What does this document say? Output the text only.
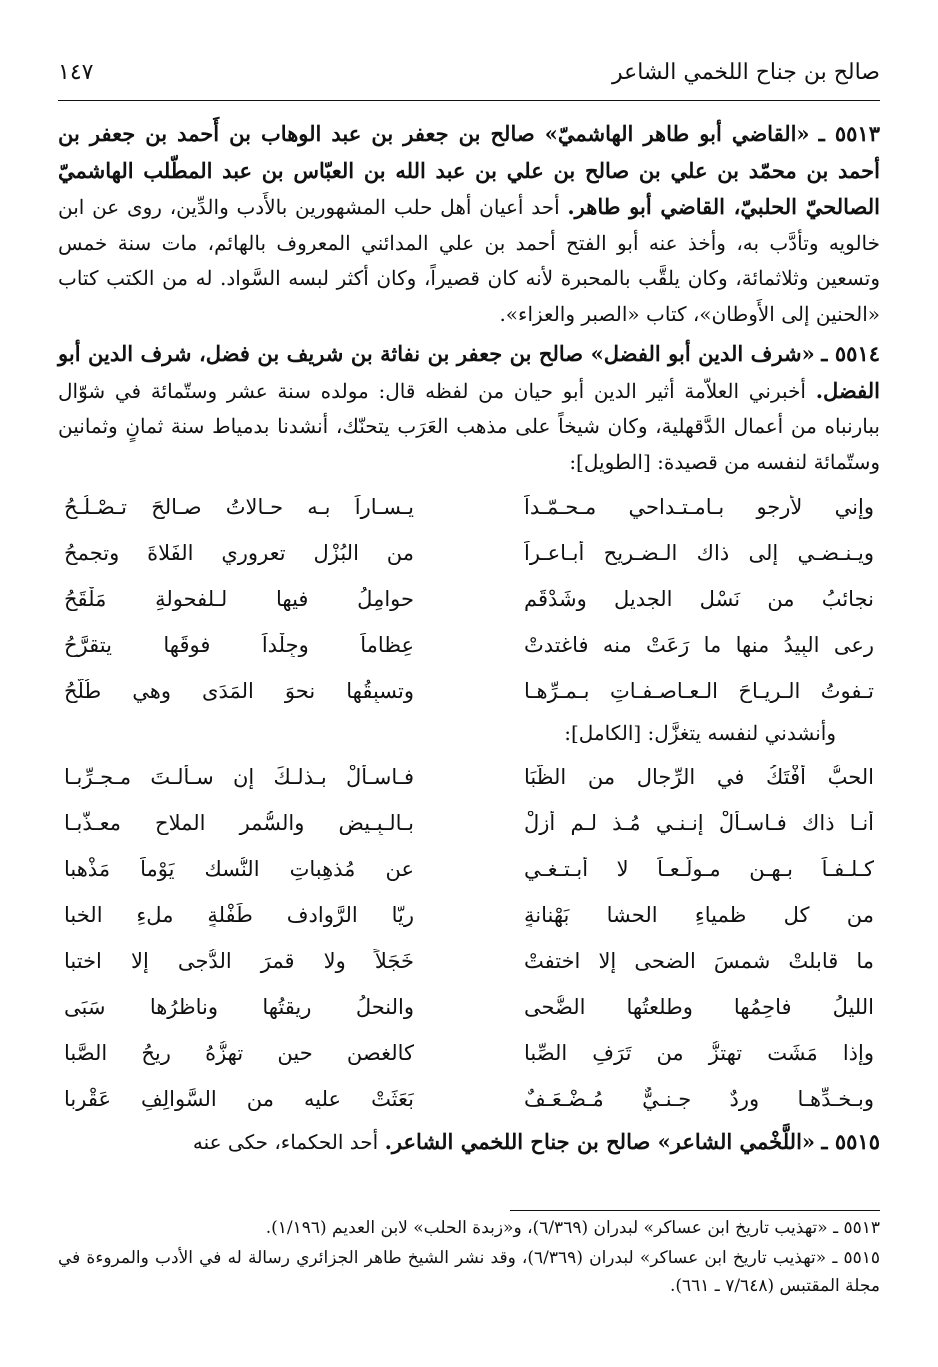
صالح بن جناح اللخمي الشاعر
١٤٧

٥٥١٣ ـ «القاضي أبو طاهر الهاشميّ» صالح بن جعفر بن عبد الوهاب بن أَحمد بن جعفر بن أحمد بن محمّد بن علي بن صالح بن علي بن عبد الله بن العبّاس بن عبد المطّلب الهاشميّ الصالحيّ الحلبيّ، القاضي أبو طاهر. أحد أعيان أهل حلب المشهورين بالأَدب والدِّين، روى عن ابن خالويه وتأدَّب به، وأخذ عنه أبو الفتح أحمد بن علي المدائني المعروف بالهائم، مات سنة خمس وتسعين وثلاثمائة، وكان يلقَّب بالمحبرة لأنه كان قصيراً، وكان أكثر لبسه السَّواد. له من الكتب كتاب «الحنين إلى الأَوطان»، كتاب «الصبر والعزاء».

٥٥١٤ ـ «شرف الدين أبو الفضل» صالح بن جعفر بن نفاثة بن شريف بن فضل، شرف الدين أبو الفضل. أخبرني العلاّمة أثير الدين أبو حيان من لفظه قال: مولده سنة عشر وستّمائة في شوّال ببارنباه من أعمال الدَّقهلية، وكان شيخاً على مذهب العَرَب يتحنّك، أنشدنا بدمياط سنة ثمانٍ وثمانين وستّمائة لنفسه من قصيدة: [الطويل]:

وإني لأرجو بـامـتـداحي مـحـمّـداً
يـسـاراً بـه حـالاتُ صـالحَ تـصْـلُـحُ
ويـنـضـي إلى ذاك الـضـريح أبـاعـراً
من البُزْل تعروري الفَلاةَ وتجمحُ
نجائبُ من نَسْلِ الجديل وشَدْقَمٍ
حوامِلُ فيها لـلفحولةِ مَلْقَحُ
رعى البِيدُ منها ما رَعَتْ منه فاغتدتْ
عِظاماً وجِلْداً فوقَها يتقرَّحُ
تـفوتُ الـريـاحَ الـعـاصـفـاتِ بـمـرِّهـا
وتسبِقُها نحوَ المَدَى وهي طُلَّحُ

وأنشدني لنفسه يتغزَّل: [الكامل]:

الحبُّ أفْتَكُ في الرِّجال من الظُّبَا
فـاسـألْ بـذلـكَ إن سـألـتَ مـجـرِّبـا
أنـا ذاك فـاسـألْ إنـنـي مُـذ لـم أزلْ
بـالـبِـيض والسُّمر الملاح معـذَّبـا
كـلـفـاً بـهـن مـولَّـعـاً لا أبـتـغـي
عن مُذهِباتِ النُّسك يَوْماً مَذْهبا
من كل ظمياءِ الحشا بَهْنانةٍ
ريّا الرَّوادف طَفْلةٍ ملءِ الخبا
ما قابلتْ شمسَ الضحى إلا اختفتْ
خَجَلاً ولا قمرَ الدُّجى إلا اختبا
الليلُ فاحِمُها وطلعتُها الضُّحى
والنحلُ ريقتُها وناظرُها سَبَى
وإذا مَشَت تهتزُّ من تَرَفِ الصِّبا
كالغصن حين تهزُّهُ ريحُ الصَّبا
وبـخـدِّهـا وردٌ جـنـيٌّ مُـضْـعَـفٌ
بَعَثَتْ عليه من السَّوالِفِ عَقْربا

٥٥١٥ ـ «اللَّخْمي الشاعر» صالح بن جناح اللخمي الشاعر. أحد الحكماء، حكى عنه

٥٥١٣ ـ «تهذيب تاريخ ابن عساكر» لبدران (٦/٣٦٩)، و«زبدة الحلب» لابن العديم (١/١٩٦).

٥٥١٥ ـ «تهذيب تاريخ ابن عساكر» لبدران (٦/٣٦٩)، وقد نشر الشيخ طاهر الجزائري رسالة له في الأدب والمروءة في مجلة المقتبس (٧/٦٤٨ ـ ٦٦١).
